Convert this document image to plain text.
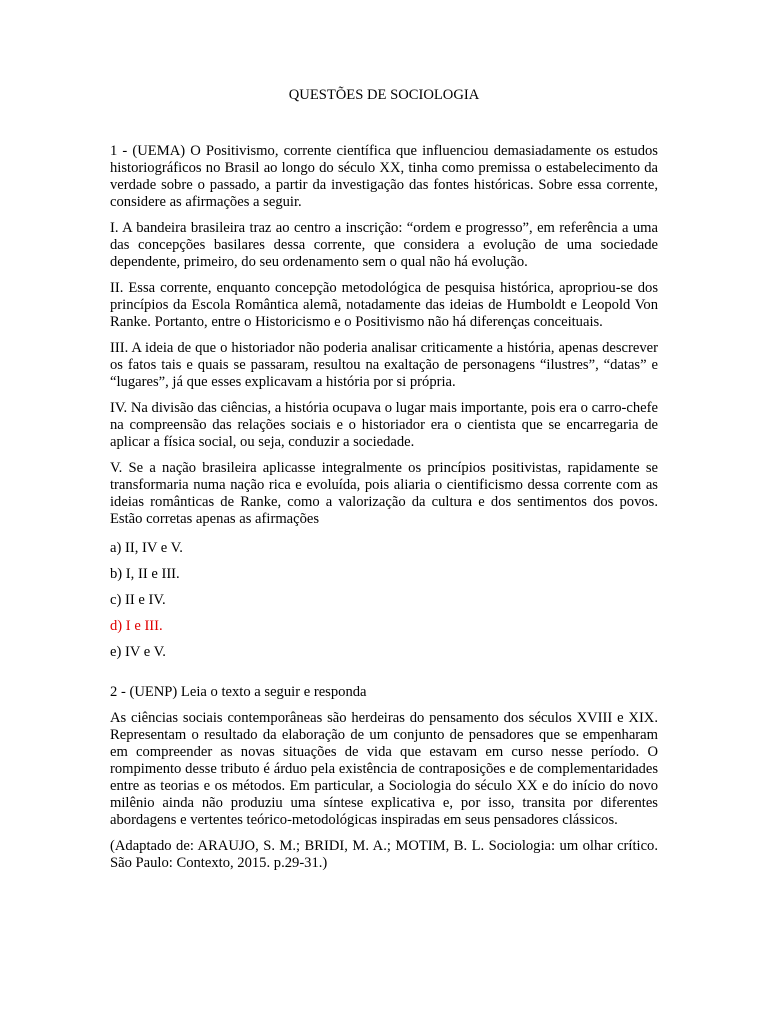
QUESTÕES DE SOCIOLOGIA

1 - (UEMA) O Positivismo, corrente científica que influenciou demasiadamente os estudos historiográficos no Brasil ao longo do século XX, tinha como premissa o estabelecimento da verdade sobre o passado, a partir da investigação das fontes históricas. Sobre essa corrente, considere as afirmações a seguir.

I. A bandeira brasileira traz ao centro a inscrição: “ordem e progresso”, em referência a uma das concepções basilares dessa corrente, que considera a evolução de uma sociedade dependente, primeiro, do seu ordenamento sem o qual não há evolução.

II. Essa corrente, enquanto concepção metodológica de pesquisa histórica, apropriou-se dos princípios da Escola Romântica alemã, notadamente das ideias de Humboldt e Leopold Von Ranke. Portanto, entre o Historicismo e o Positivismo não há diferenças conceituais.

III. A ideia de que o historiador não poderia analisar criticamente a história, apenas descrever os fatos tais e quais se passaram, resultou na exaltação de personagens “ilustres”, “datas” e “lugares”, já que esses explicavam a história por si própria.

IV. Na divisão das ciências, a história ocupava o lugar mais importante, pois era o carro-chefe na compreensão das relações sociais e o historiador era o cientista que se encarregaria de aplicar a física social, ou seja, conduzir a sociedade.

V. Se a nação brasileira aplicasse integralmente os princípios positivistas, rapidamente se transformaria numa nação rica e evoluída, pois aliaria o cientificismo dessa corrente com as ideias românticas de Ranke, como a valorização da cultura e dos sentimentos dos povos. Estão corretas apenas as afirmações

a) II, IV e V.
b) I, II e III.
c) II e IV.
d) I e III.
e) IV e V.

2 - (UENP) Leia o texto a seguir e responda

As ciências sociais contemporâneas são herdeiras do pensamento dos séculos XVIII e XIX. Representam o resultado da elaboração de um conjunto de pensadores que se empenharam em compreender as novas situações de vida que estavam em curso nesse período. O rompimento desse tributo é árduo pela existência de contraposições e de complementaridades entre as teorias e os métodos. Em particular, a Sociologia do século XX e do início do novo milênio ainda não produziu uma síntese explicativa e, por isso, transita por diferentes abordagens e vertentes teórico-metodológicas inspiradas em seus pensadores clássicos.

(Adaptado de: ARAUJO, S. M.; BRIDI, M. A.; MOTIM, B. L. Sociologia: um olhar crítico. São Paulo: Contexto, 2015. p.29-31.)
